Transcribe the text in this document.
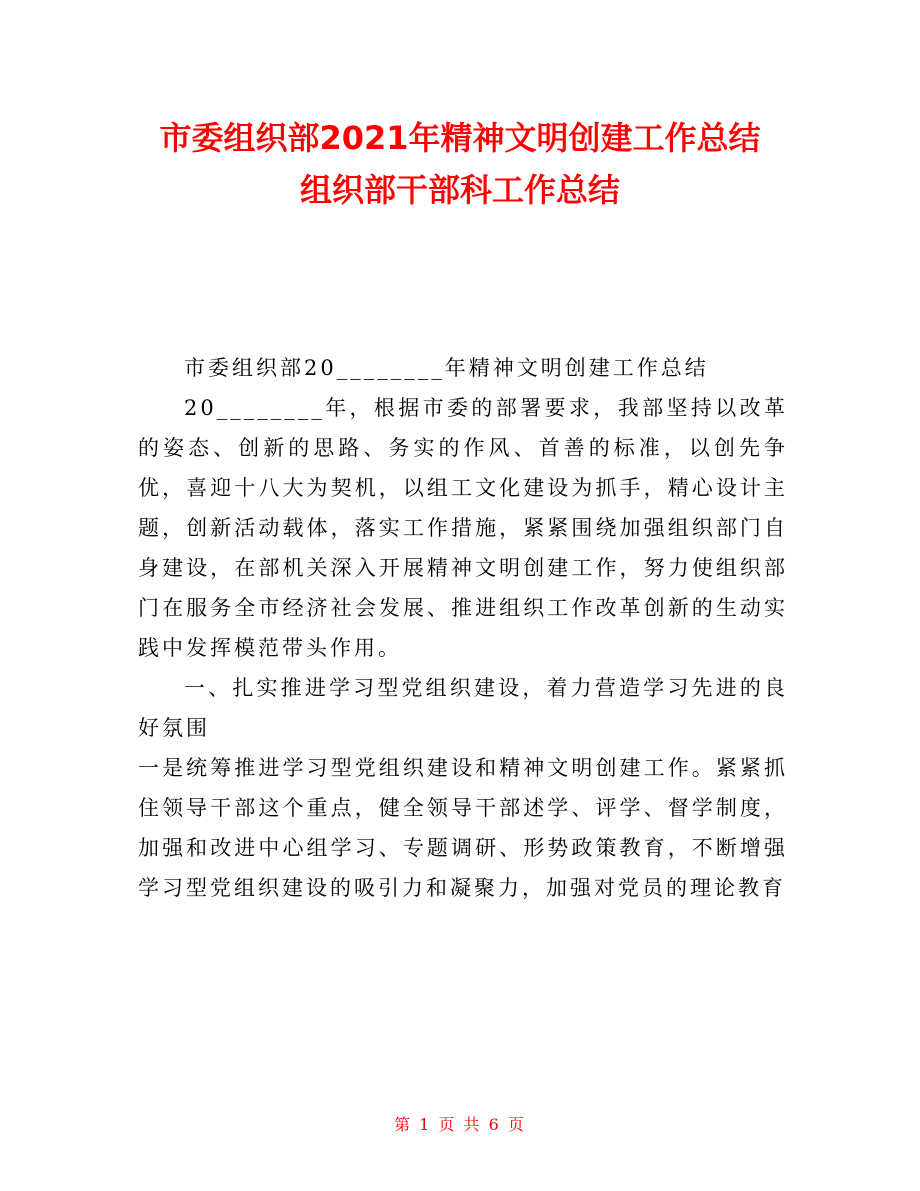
市委组织部2021年精神文明创建工作总结

组织部干部科工作总结

市委组织部20________年精神文明创建工作总结

20________年，根据市委的部署要求，我部坚持以改革的姿态、创新的思路、务实的作风、首善的标准，以创先争优，喜迎十八大为契机，以组工文化建设为抓手，精心设计主题，创新活动载体，落实工作措施，紧紧围绕加强组织部门自身建设，在部机关深入开展精神文明创建工作，努力使组织部门在服务全市经济社会发展、推进组织工作改革创新的生动实践中发挥模范带头作用。

一、扎实推进学习型党组织建设，着力营造学习先进的良好氛围

一是统筹推进学习型党组织建设和精神文明创建工作。紧紧抓住领导干部这个重点，健全领导干部述学、评学、督学制度，加强和改进中心组学习、专题调研、形势政策教育，不断增强学习型党组织建设的吸引力和凝聚力，加强对党员的理论教育

第 1 页 共 6 页
